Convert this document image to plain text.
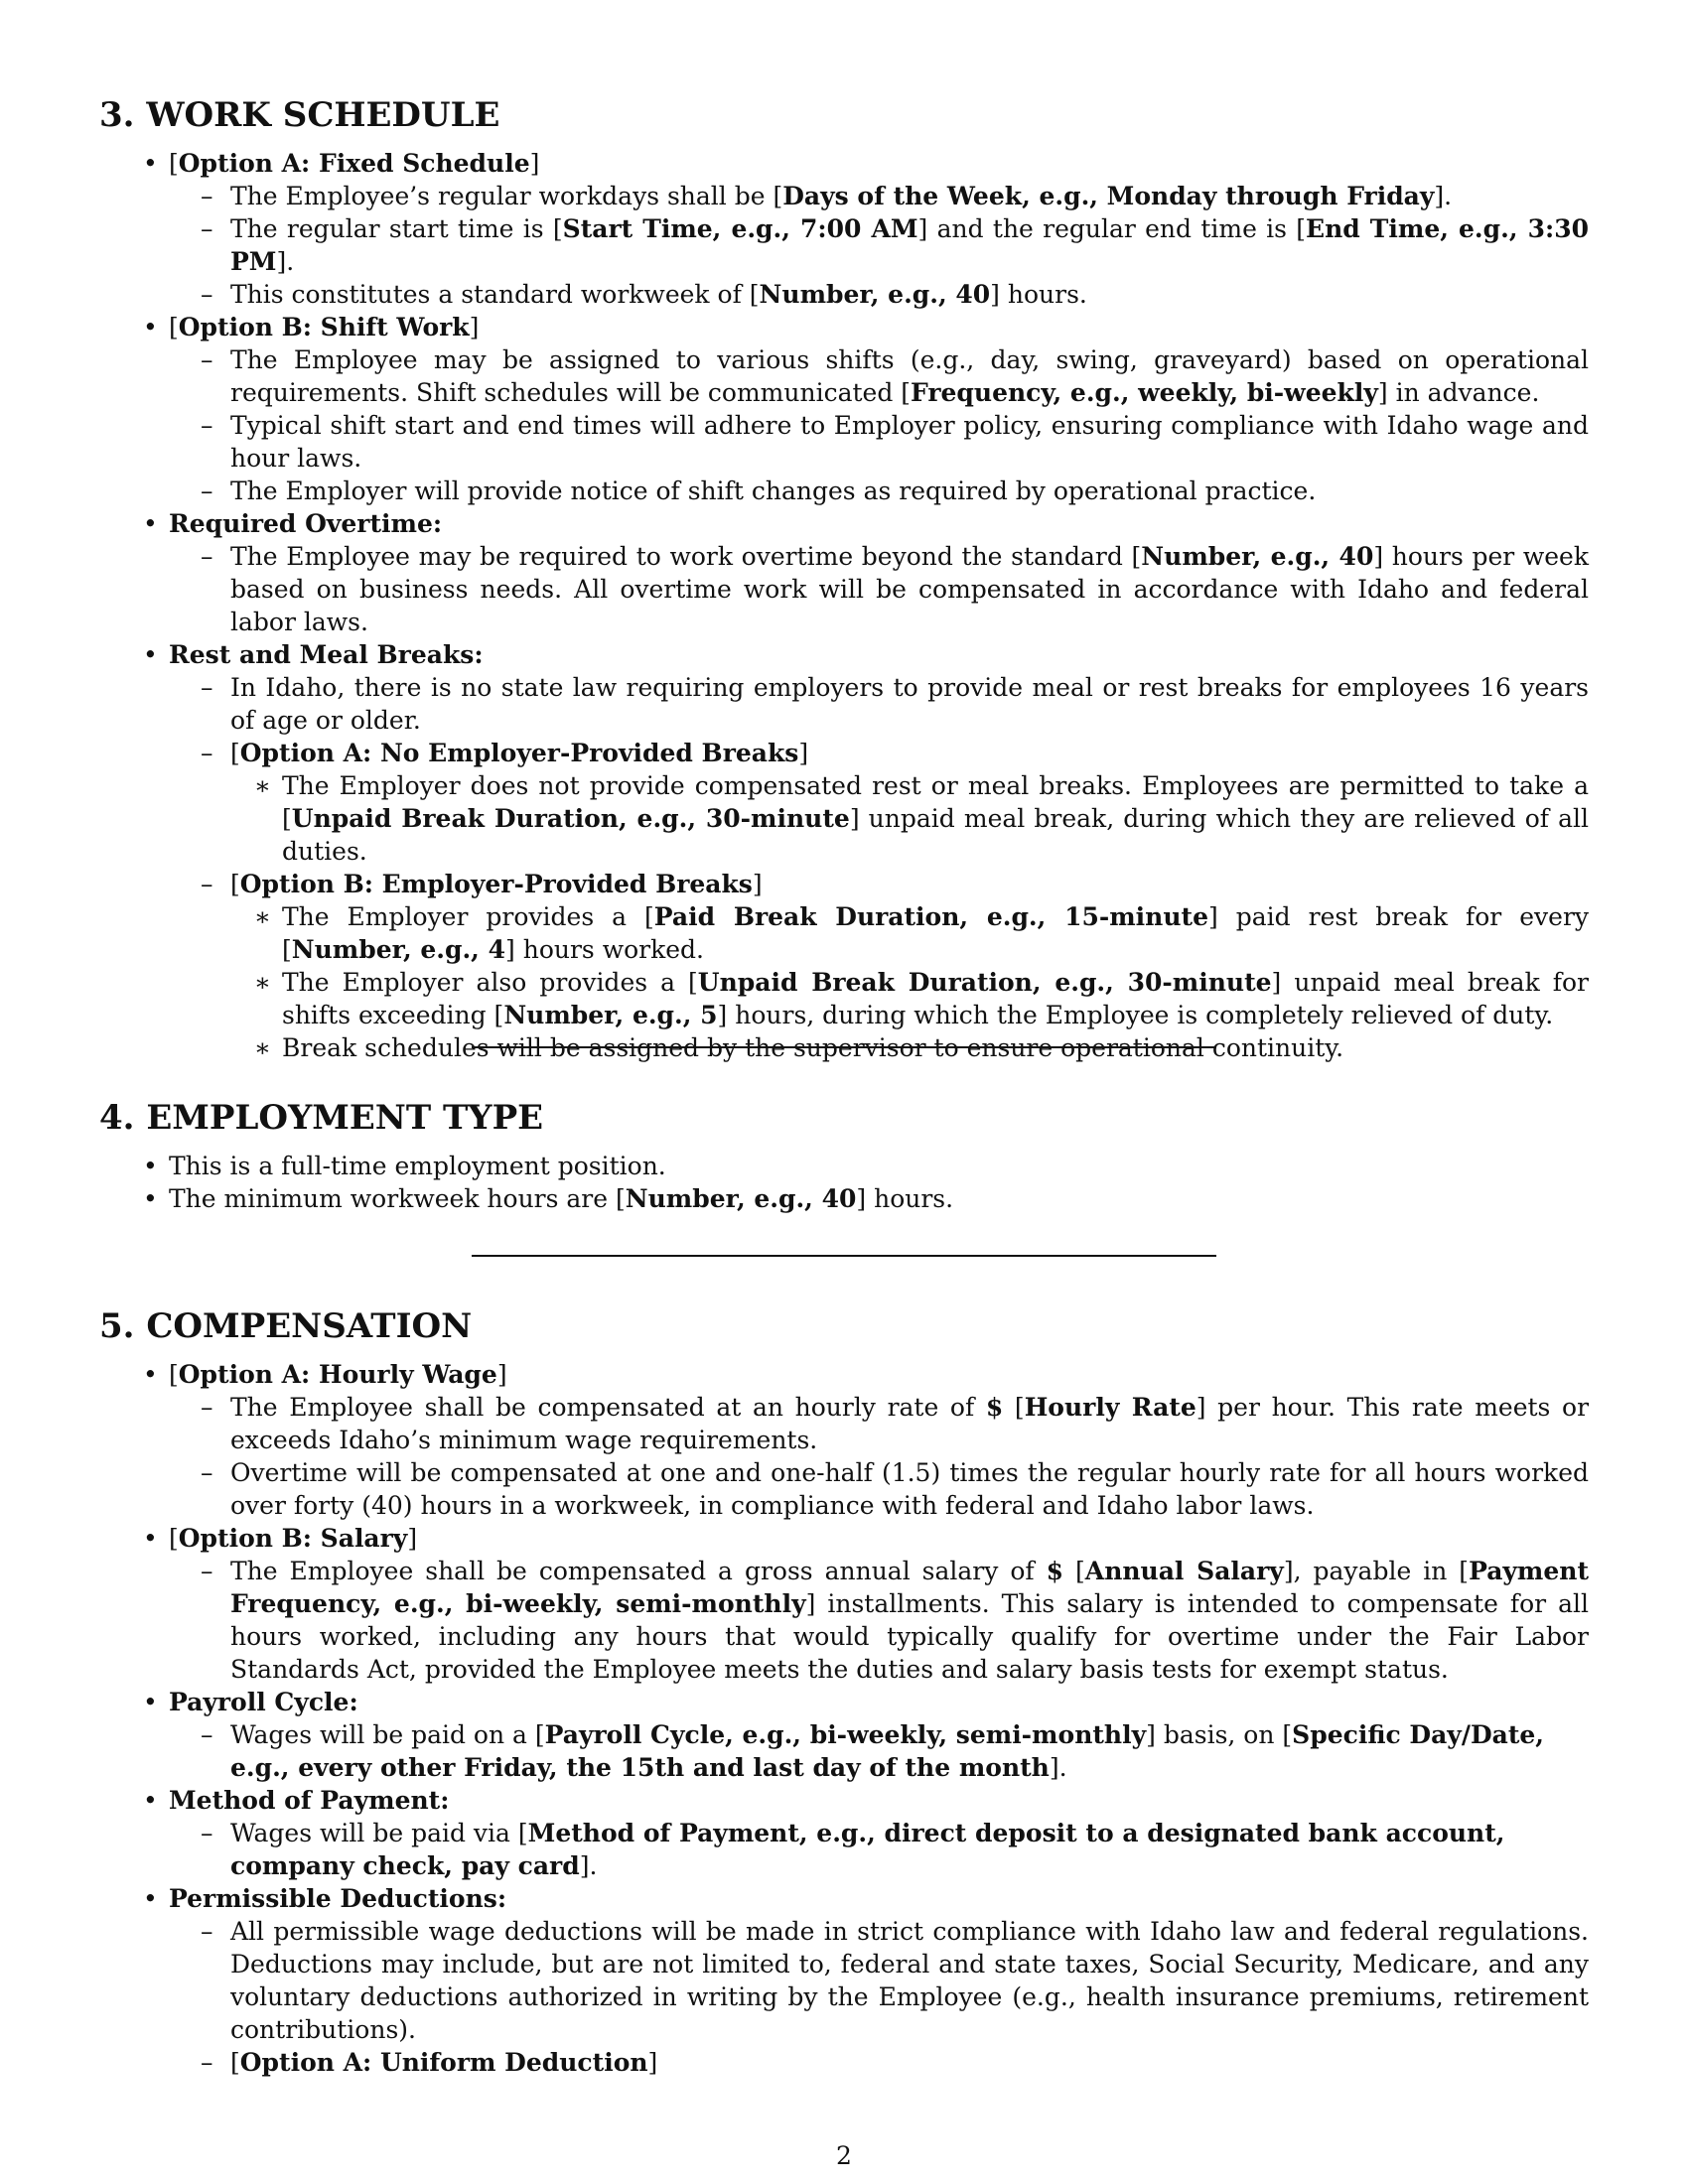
3. WORK SCHEDULE
• [Option A: Fixed Schedule]
– The Employee’s regular workdays shall be [Days of the Week, e.g., Monday through Friday].
– The regular start time is [Start Time, e.g., 7:00 AM] and the regular end time is [End Time, e.g., 3:30 PM].
– This constitutes a standard workweek of [Number, e.g., 40] hours.
• [Option B: Shift Work]
– The Employee may be assigned to various shifts (e.g., day, swing, graveyard) based on operational requirements. Shift schedules will be communicated [Frequency, e.g., weekly, bi-weekly] in advance.
– Typical shift start and end times will adhere to Employer policy, ensuring compliance with Idaho wage and hour laws.
– The Employer will provide notice of shift changes as required by operational practice.
• Required Overtime:
– The Employee may be required to work overtime beyond the standard [Number, e.g., 40] hours per week based on business needs. All overtime work will be compensated in accordance with Idaho and federal labor laws.
• Rest and Meal Breaks:
– In Idaho, there is no state law requiring employers to provide meal or rest breaks for employees 16 years of age or older.
– [Option A: No Employer-Provided Breaks]
∗ The Employer does not provide compensated rest or meal breaks. Employees are permitted to take a [Unpaid Break Duration, e.g., 30-minute] unpaid meal break, during which they are relieved of all duties.
– [Option B: Employer-Provided Breaks]
∗ The Employer provides a [Paid Break Duration, e.g., 15-minute] paid rest break for every [Number, e.g., 4] hours worked.
∗ The Employer also provides a [Unpaid Break Duration, e.g., 30-minute] unpaid meal break for shifts exceeding [Number, e.g., 5] hours, during which the Employee is completely relieved of duty.
∗ Break schedules will be assigned by the supervisor to ensure operational continuity.
4. EMPLOYMENT TYPE
• This is a full-time employment position.
• The minimum workweek hours are [Number, e.g., 40] hours.
5. COMPENSATION
• [Option A: Hourly Wage]
– The Employee shall be compensated at an hourly rate of $ [Hourly Rate] per hour. This rate meets or exceeds Idaho’s minimum wage requirements.
– Overtime will be compensated at one and one-half (1.5) times the regular hourly rate for all hours worked over forty (40) hours in a workweek, in compliance with federal and Idaho labor laws.
• [Option B: Salary]
– The Employee shall be compensated a gross annual salary of $ [Annual Salary], payable in [Payment Frequency, e.g., bi-weekly, semi-monthly] installments. This salary is intended to compensate for all hours worked, including any hours that would typically qualify for overtime under the Fair Labor Standards Act, provided the Employee meets the duties and salary basis tests for exempt status.
• Payroll Cycle:
– Wages will be paid on a [Payroll Cycle, e.g., bi-weekly, semi-monthly] basis, on [Specific Day/Date, e.g., every other Friday, the 15th and last day of the month].
• Method of Payment:
– Wages will be paid via [Method of Payment, e.g., direct deposit to a designated bank account, company check, pay card].
• Permissible Deductions:
– All permissible wage deductions will be made in strict compliance with Idaho law and federal regulations. Deductions may include, but are not limited to, federal and state taxes, Social Security, Medicare, and any voluntary deductions authorized in writing by the Employee (e.g., health insurance premiums, retirement contributions).
– [Option A: Uniform Deduction]
2
